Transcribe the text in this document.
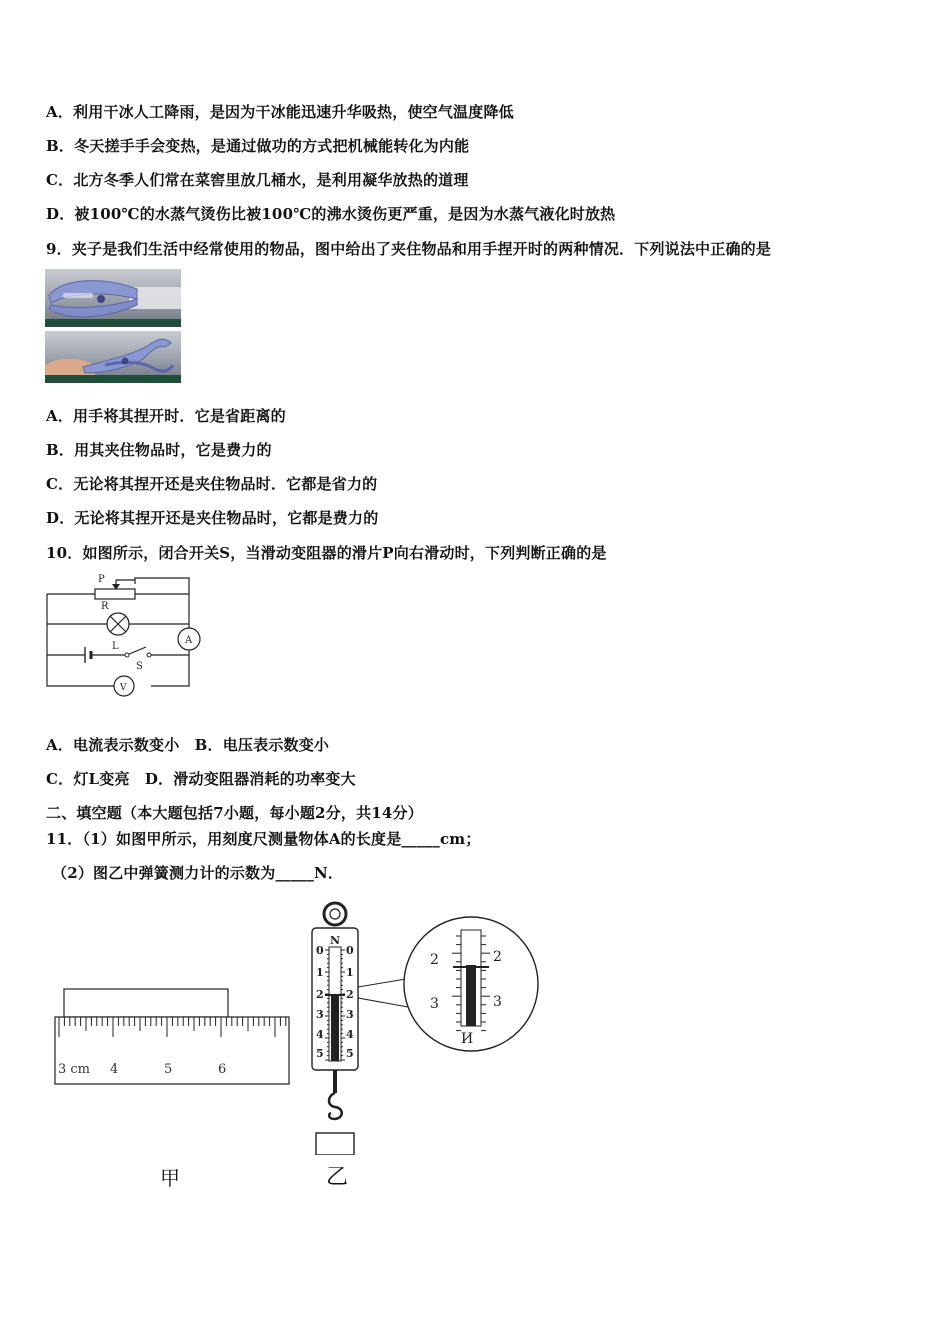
A．利用干冰人工降雨，是因为干冰能迅速升华吸热，使空气温度降低
B．冬天搓手手会变热，是通过做功的方式把机械能转化为内能
C．北方冬季人们常在菜窖里放几桶水，是利用凝华放热的道理
D．被100℃的水蒸气烫伤比被100℃的沸水烫伤更严重，是因为水蒸气液化时放热
9．夹子是我们生活中经常使用的物品，图中给出了夹住物品和用手捏开时的两种情况．下列说法中正确的是
A．用手将其捏开时．它是省距离的
B．用其夹住物品时，它是费力的
C．无论将其捏开还是夹住物品时．它都是省力的
D．无论将其捏开还是夹住物品时，它都是费力的
10．如图所示，闭合开关S，当滑动变阻器的滑片P向右滑动时，下列判断正确的是
P
R
L
S
A
V
A．电流表示数变小　B．电压表示数变小
C．灯L变亮　D．滑动变阻器消耗的功率变大
二、填空题（本大题包括7小题，每小题2分，共14分）
11．（1）如图甲所示，用刻度尺测量物体A的长度是_____cm；
（2）图乙中弹簧测力计的示数为_____N．
3 cm 4	5	6
N
0
1
2
3
4
5
0
1
2
3
4
5
2	2
3	3
И
甲	乙
